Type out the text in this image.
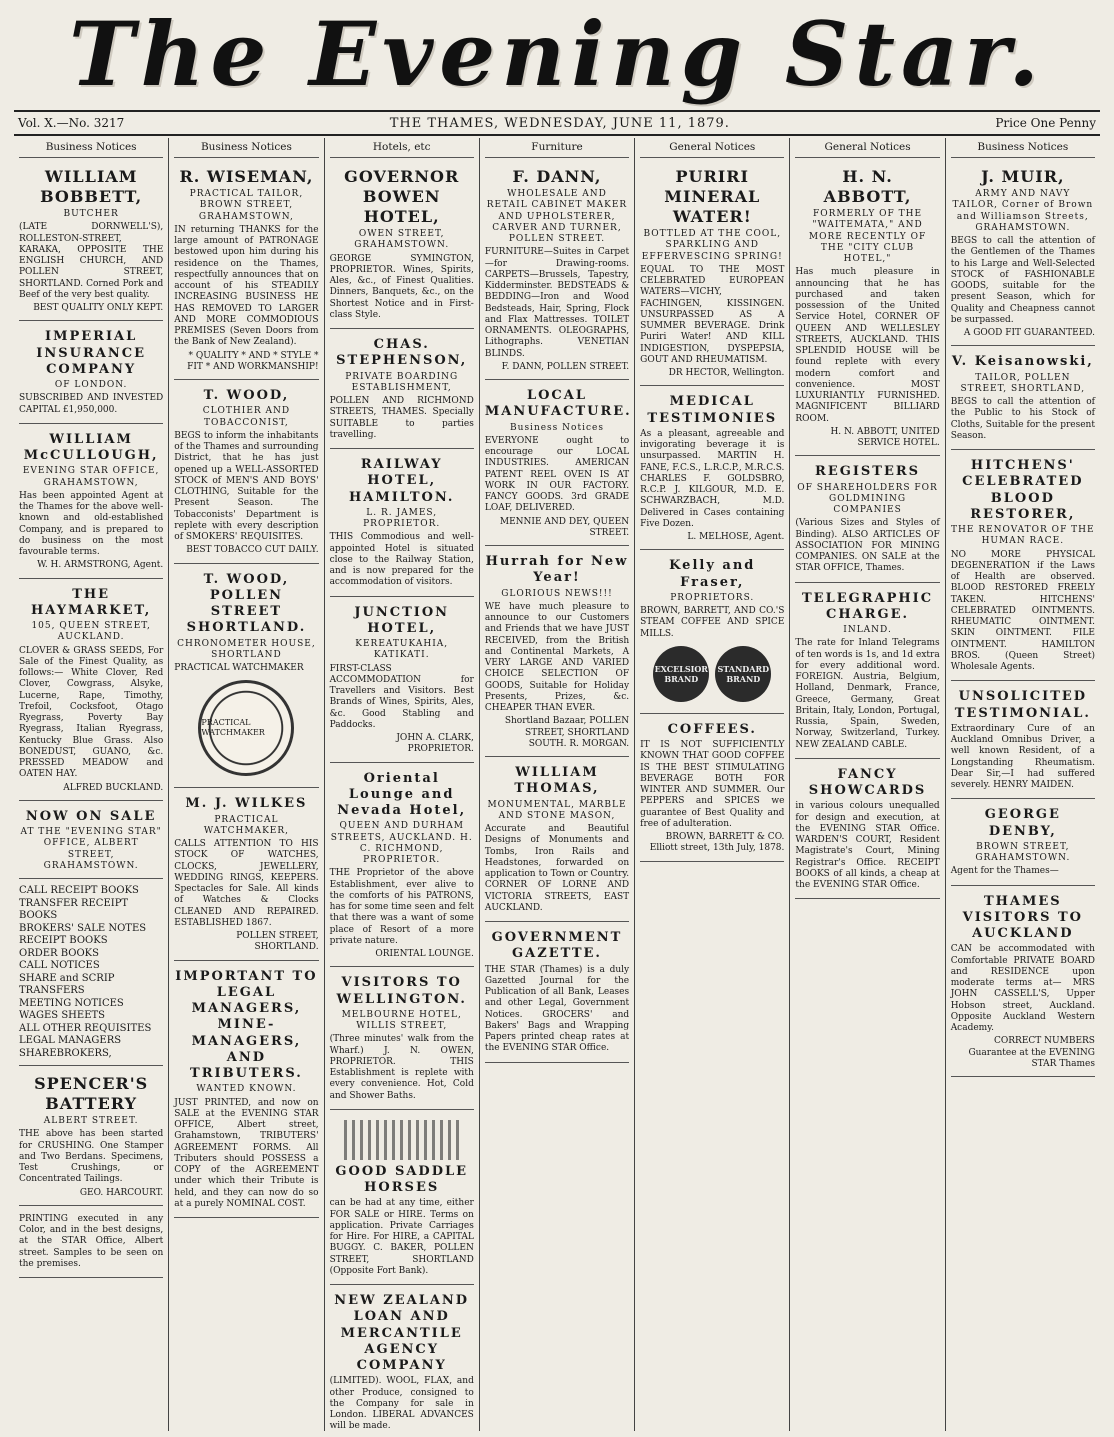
The Evening Star.
Vol. X.—No. 3217	THE THAMES, WEDNESDAY, JUNE 11, 1879.	Price One Penny
Business Notices
WILLIAM BOBBETT,
BUTCHER
(LATE DORNWELL'S), ROLLESTON-STREET, KARAKA, OPPOSITE THE ENGLISH CHURCH, AND POLLEN STREET, SHORTLAND. Corned Pork and Beef of the very best quality.
BEST QUALITY ONLY KEPT.
IMPERIAL INSURANCE COMPANY
OF LONDON.
SUBSCRIBED AND INVESTED CAPITAL £1,950,000.
WILLIAM McCULLOUGH,
EVENING STAR OFFICE, GRAHAMSTOWN,
Has been appointed Agent at the Thames for the above well-known and old-established Company, and is prepared to do business on the most favourable terms.
W. H. ARMSTRONG, Agent.
THE HAYMARKET,
105, QUEEN STREET, AUCKLAND.
CLOVER & GRASS SEEDS, For Sale of the Finest Quality, as follows:— White Clover, Red Clover, Cowgrass, Alsyke, Lucerne, Rape, Timothy, Trefoil, Cocksfoot, Otago Ryegrass, Poverty Bay Ryegrass, Italian Ryegrass, Kentucky Blue Grass. Also BONEDUST, GUANO, &c. PRESSED MEADOW and OATEN HAY.
ALFRED BUCKLAND.
NOW ON SALE
AT THE "EVENING STAR" OFFICE, ALBERT STREET, GRAHAMSTOWN.
CALL RECEIPT BOOKS
TRANSFER RECEIPT BOOKS
BROKERS' SALE NOTES
RECEIPT BOOKS
ORDER BOOKS
CALL NOTICES
SHARE and SCRIP TRANSFERS
MEETING NOTICES
WAGES SHEETS
ALL OTHER REQUISITES
LEGAL MANAGERS
SHAREBROKERS,
SPENCER'S BATTERY
ALBERT STREET.
THE above has been started for CRUSHING. One Stamper and Two Berdans. Specimens, Test Crushings, or Concentrated Tailings.
GEO. HARCOURT.
PRINTING executed in any Color, and in the best designs, at the STAR Office, Albert street. Samples to be seen on the premises.
Business Notices
R. WISEMAN,
PRACTICAL TAILOR, BROWN STREET, GRAHAMSTOWN,
IN returning THANKS for the large amount of PATRONAGE bestowed upon him during his residence on the Thames, respectfully announces that on account of his STEADILY INCREASING BUSINESS HE HAS REMOVED TO LARGER AND MORE COMMODIOUS PREMISES (Seven Doors from the Bank of New Zealand).
* QUALITY * AND * STYLE * FIT * AND WORKMANSHIP!
T. WOOD,
CLOTHIER AND TOBACCONIST,
BEGS to inform the inhabitants of the Thames and surrounding District, that he has just opened up a WELL-ASSORTED STOCK of MEN'S AND BOYS' CLOTHING, Suitable for the Present Season. The Tobacconists' Department is replete with every description of SMOKERS' REQUISITES.
BEST TOBACCO CUT DAILY.
T. WOOD, POLLEN STREET SHORTLAND.
CHRONOMETER HOUSE, SHORTLAND
PRACTICAL WATCHMAKER
PRACTICAL WATCHMAKER
M. J. WILKES
PRACTICAL WATCHMAKER,
CALLS ATTENTION TO HIS STOCK OF WATCHES, CLOCKS, JEWELLERY, WEDDING RINGS, KEEPERS. Spectacles for Sale. All kinds of Watches & Clocks CLEANED AND REPAIRED. ESTABLISHED 1867.
POLLEN STREET, SHORTLAND.
IMPORTANT TO LEGAL MANAGERS, MINE-MANAGERS, AND TRIBUTERS.
WANTED KNOWN.
JUST PRINTED, and now on SALE at the EVENING STAR OFFICE, Albert street, Grahamstown, TRIBUTERS' AGREEMENT FORMS. All Tributers should POSSESS a COPY of the AGREEMENT under which their Tribute is held, and they can now do so at a purely NOMINAL COST.
Hotels, etc
GOVERNOR BOWEN HOTEL,
OWEN STREET, GRAHAMSTOWN.
GEORGE SYMINGTON, PROPRIETOR. Wines, Spirits, Ales, &c., of Finest Qualities. Dinners, Banquets, &c., on the Shortest Notice and in First-class Style.
CHAS. STEPHENSON,
PRIVATE BOARDING ESTABLISHMENT,
POLLEN AND RICHMOND STREETS, THAMES. Specially SUITABLE to parties travelling.
RAILWAY HOTEL, HAMILTON.
L. R. JAMES, PROPRIETOR.
THIS Commodious and well-appointed Hotel is situated close to the Railway Station, and is now prepared for the accommodation of visitors.
JUNCTION HOTEL,
KEREATUKAHIA, KATIKATI.
FIRST-CLASS ACCOMMODATION for Travellers and Visitors. Best Brands of Wines, Spirits, Ales, &c. Good Stabling and Paddocks.
JOHN A. CLARK, PROPRIETOR.
Oriental Lounge and Nevada Hotel,
QUEEN AND DURHAM STREETS, AUCKLAND. H. C. RICHMOND, PROPRIETOR.
THE Proprietor of the above Establishment, ever alive to the comforts of his PATRONS, has for some time seen and felt that there was a want of some place of Resort of a more private nature.
ORIENTAL LOUNGE.
VISITORS TO WELLINGTON.
MELBOURNE HOTEL, WILLIS STREET,
(Three minutes' walk from the Wharf.) J. N. OWEN, PROPRIETOR. THIS Establishment is replete with every convenience. Hot, Cold and Shower Baths.
GOOD SADDLE HORSES
can be had at any time, either FOR SALE or HIRE. Terms on application. Private Carriages for Hire. For HIRE, a CAPITAL BUGGY. C. BAKER, POLLEN STREET, SHORTLAND (Opposite Fort Bank).
NEW ZEALAND LOAN AND MERCANTILE AGENCY COMPANY
(LIMITED). WOOL, FLAX, and other Produce, consigned to the Company for sale in London. LIBERAL ADVANCES will be made.
Furniture
F. DANN,
WHOLESALE AND RETAIL CABINET MAKER AND UPHOLSTERER, CARVER AND TURNER, POLLEN STREET.
FURNITURE—Suites in Carpet—for Drawing-rooms. CARPETS—Brussels, Tapestry, Kidderminster. BEDSTEADS & BEDDING—Iron and Wood Bedsteads, Hair, Spring, Flock and Flax Mattresses. TOILET ORNAMENTS. OLEOGRAPHS, Lithographs. VENETIAN BLINDS.
F. DANN, POLLEN STREET.
LOCAL MANUFACTURE.
Business Notices
EVERYONE ought to encourage our LOCAL INDUSTRIES. AMERICAN PATENT REEL OVEN IS AT WORK IN OUR FACTORY. FANCY GOODS. 3rd GRADE LOAF, DELIVERED.
MENNIE AND DEY, QUEEN STREET.
Hurrah for New Year!
GLORIOUS NEWS!!!
WE have much pleasure to announce to our Customers and Friends that we have JUST RECEIVED, from the British and Continental Markets, A VERY LARGE AND VARIED CHOICE SELECTION OF GOODS, Suitable for Holiday Presents, Prizes, &c. CHEAPER THAN EVER.
Shortland Bazaar, POLLEN STREET, SHORTLAND SOUTH. R. MORGAN.
WILLIAM THOMAS,
MONUMENTAL, MARBLE AND STONE MASON,
Accurate and Beautiful Designs of Monuments and Tombs, Iron Rails and Headstones, forwarded on application to Town or Country. CORNER OF LORNE AND VICTORIA STREETS, EAST AUCKLAND.
GOVERNMENT GAZETTE.
THE STAR (Thames) is a duly Gazetted Journal for the Publication of all Bank, Leases and other Legal, Government Notices. GROCERS' and Bakers' Bags and Wrapping Papers printed cheap rates at the EVENING STAR Office.
General Notices
PURIRI MINERAL WATER!
BOTTLED AT THE COOL, SPARKLING AND EFFERVESCING SPRING!
EQUAL TO THE MOST CELEBRATED EUROPEAN WATERS—VICHY, FACHINGEN, KISSINGEN. UNSURPASSED AS A SUMMER BEVERAGE. Drink Puriri Water! AND KILL INDIGESTION, DYSPEPSIA, GOUT AND RHEUMATISM.
DR HECTOR, Wellington.
MEDICAL TESTIMONIES
As a pleasant, agreeable and invigorating beverage it is unsurpassed. MARTIN H. FANE, F.C.S., L.R.C.P., M.R.C.S. CHARLES F. GOLDSBRO, R.C.P. J. KILGOUR, M.D. E. SCHWARZBACH, M.D. Delivered in Cases containing Five Dozen.
L. MELHOSE, Agent.
Kelly and Fraser,
PROPRIETORS.
BROWN, BARRETT, AND CO.'S STEAM COFFEE AND SPICE MILLS.
EXCELSIOR BRAND
STANDARD BRAND
COFFEES.
IT IS NOT SUFFICIENTLY KNOWN THAT GOOD COFFEE IS THE BEST STIMULATING BEVERAGE BOTH FOR WINTER AND SUMMER. Our PEPPERS and SPICES we guarantee of Best Quality and free of adulteration.
BROWN, BARRETT & CO. Elliott street, 13th July, 1878.
General Notices
H. N. ABBOTT,
FORMERLY OF THE "WAITEMATA," AND MORE RECENTLY OF THE "CITY CLUB HOTEL,"
Has much pleasure in announcing that he has purchased and taken possession of the United Service Hotel, CORNER OF QUEEN AND WELLESLEY STREETS, AUCKLAND. THIS SPLENDID HOUSE will be found replete with every modern comfort and convenience. MOST LUXURIANTLY FURNISHED. MAGNIFICENT BILLIARD ROOM.
H. N. ABBOTT, UNITED SERVICE HOTEL.
REGISTERS
OF SHAREHOLDERS FOR GOLDMINING COMPANIES
(Various Sizes and Styles of Binding). ALSO ARTICLES OF ASSOCIATION FOR MINING COMPANIES. ON SALE at the STAR OFFICE, Thames.
TELEGRAPHIC CHARGE.
INLAND.
The rate for Inland Telegrams of ten words is 1s, and 1d extra for every additional word. FOREIGN. Austria, Belgium, Holland, Denmark, France, Greece, Germany, Great Britain, Italy, London, Portugal, Russia, Spain, Sweden, Norway, Switzerland, Turkey. NEW ZEALAND CABLE.
FANCY SHOWCARDS
in various colours unequalled for design and execution, at the EVENING STAR Office. WARDEN'S COURT, Resident Magistrate's Court, Mining Registrar's Office. RECEIPT BOOKS of all kinds, a cheap at the EVENING STAR Office.
Business Notices
J. MUIR,
ARMY AND NAVY TAILOR, Corner of Brown and Williamson Streets, GRAHAMSTOWN.
BEGS to call the attention of the Gentlemen of the Thames to his Large and Well-Selected STOCK of FASHIONABLE GOODS, suitable for the present Season, which for Quality and Cheapness cannot be surpassed.
A GOOD FIT GUARANTEED.
V. Keisanowski,
TAILOR, POLLEN STREET, SHORTLAND,
BEGS to call the attention of the Public to his Stock of Cloths, Suitable for the present Season.
HITCHENS' CELEBRATED BLOOD RESTORER,
THE RENOVATOR OF THE HUMAN RACE.
NO MORE PHYSICAL DEGENERATION if the Laws of Health are observed. BLOOD RESTORED FREELY TAKEN. HITCHENS' CELEBRATED OINTMENTS. RHEUMATIC OINTMENT. SKIN OINTMENT. FILE OINTMENT. HAMILTON BROS. (Queen Street) Wholesale Agents.
UNSOLICITED TESTIMONIAL.
Extraordinary Cure of an Auckland Omnibus Driver, a well known Resident, of a Longstanding Rheumatism. Dear Sir,—I had suffered severely. HENRY MAIDEN.
GEORGE DENBY,
BROWN STREET, GRAHAMSTOWN.
Agent for the Thames—
THAMES VISITORS TO AUCKLAND
CAN be accommodated with Comfortable PRIVATE BOARD and RESIDENCE upon moderate terms at— MRS JOHN CASSELL'S, Upper Hobson street, Auckland. Opposite Auckland Western Academy.
CORRECT NUMBERS Guarantee at the EVENING STAR Thames
